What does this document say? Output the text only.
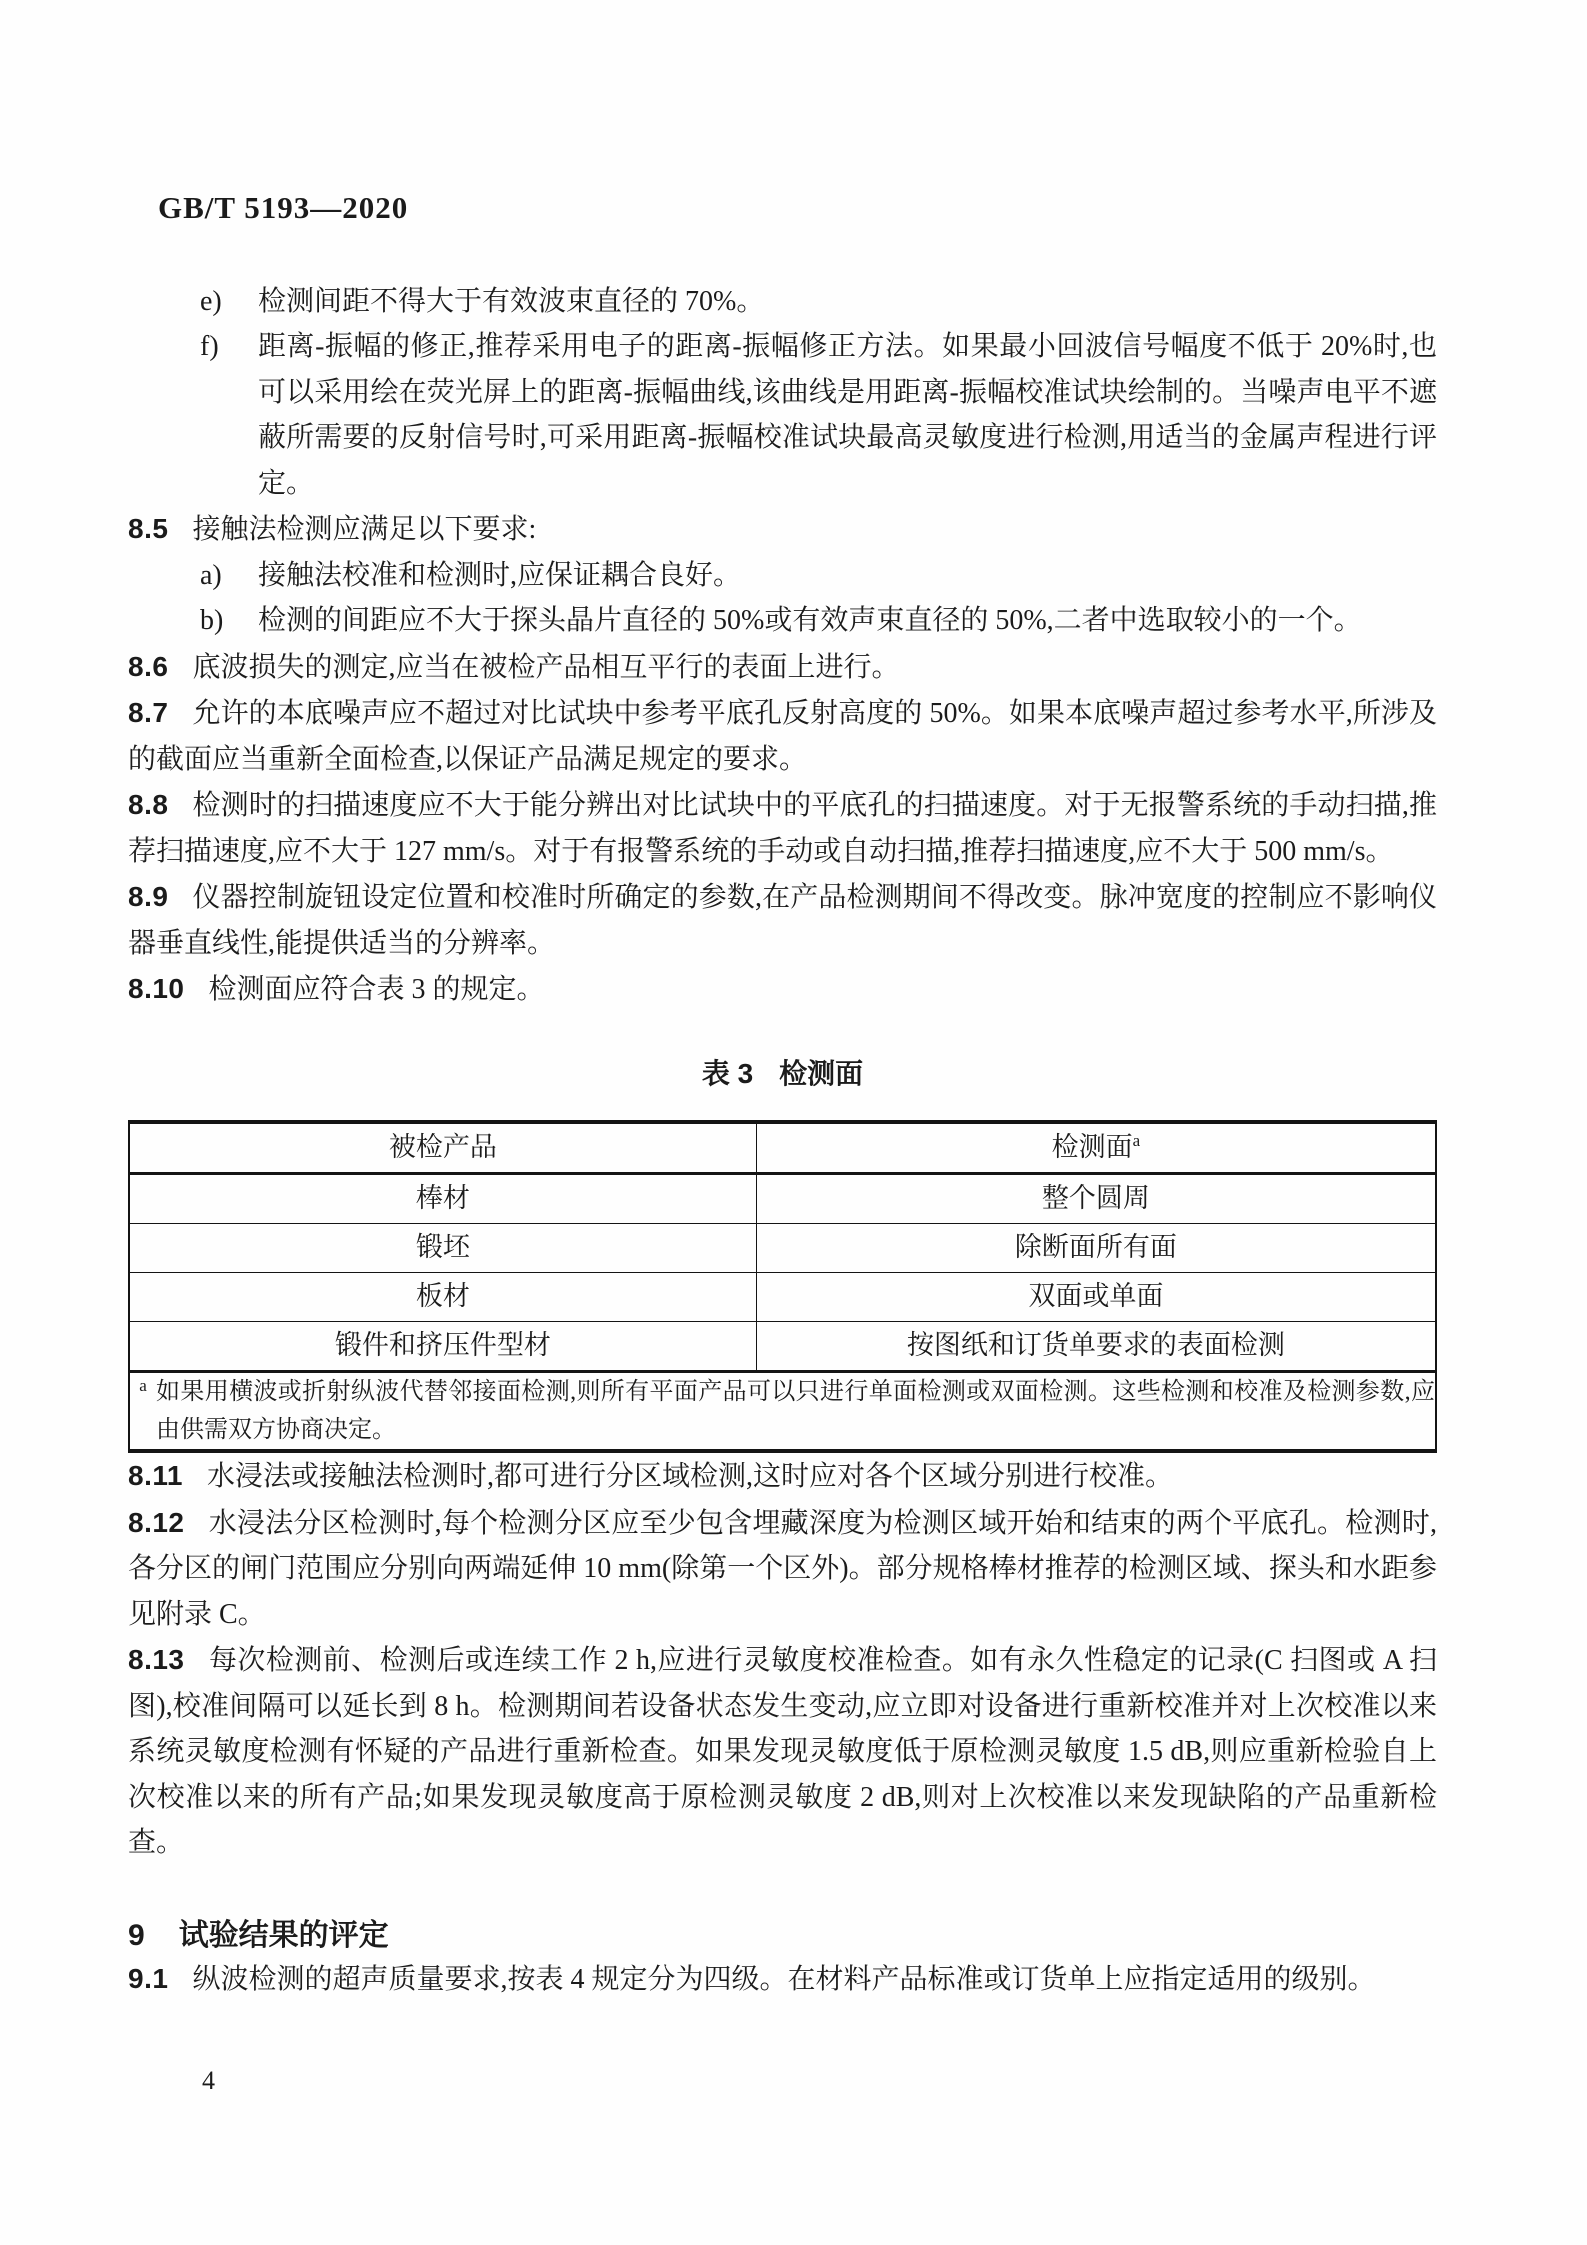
GB/T 5193—2020
e)	检测间距不得大于有效波束直径的 70%。
f)	距离-振幅的修正,推荐采用电子的距离-振幅修正方法。如果最小回波信号幅度不低于 20%时,也可以采用绘在荧光屏上的距离-振幅曲线,该曲线是用距离-振幅校准试块绘制的。当噪声电平不遮蔽所需要的反射信号时,可采用距离-振幅校准试块最高灵敏度进行检测,用适当的金属声程进行评定。

8.5 接触法检测应满足以下要求:

a)	接触法校准和检测时,应保证耦合良好。
b)	检测的间距应不大于探头晶片直径的 50%或有效声束直径的 50%,二者中选取较小的一个。

8.6 底波损失的测定,应当在被检产品相互平行的表面上进行。

8.7 允许的本底噪声应不超过对比试块中参考平底孔反射高度的 50%。如果本底噪声超过参考水平,所涉及的截面应当重新全面检查,以保证产品满足规定的要求。

8.8 检测时的扫描速度应不大于能分辨出对比试块中的平底孔的扫描速度。对于无报警系统的手动扫描,推荐扫描速度,应不大于 127 mm/s。对于有报警系统的手动或自动扫描,推荐扫描速度,应不大于 500 mm/s。

8.9 仪器控制旋钮设定位置和校准时所确定的参数,在产品检测期间不得改变。脉冲宽度的控制应不影响仪器垂直线性,能提供适当的分辨率。

8.10 检测面应符合表 3 的规定。

表 3 检测面
被检产品	检测面$^a$
棒材	整个圆周
锻坯	除断面所有面
板材	双面或单面
锻件和挤压件型材	按图纸和订货单要求的表面检测

a 如果用横波或折射纵波代替邻接面检测,则所有平面产品可以只进行单面检测或双面检测。这些检测和校准及检测参数,应由供需双方协商决定。	

8.11 水浸法或接触法检测时,都可进行分区域检测,这时应对各个区域分别进行校准。

8.12 水浸法分区检测时,每个检测分区应至少包含埋藏深度为检测区域开始和结束的两个平底孔。检测时,各分区的闸门范围应分别向两端延伸 10 mm(除第一个区外)。部分规格棒材推荐的检测区域、探头和水距参见附录 C。

8.13 每次检测前、检测后或连续工作 2 h,应进行灵敏度校准检查。如有永久性稳定的记录(C 扫图或 A 扫图),校准间隔可以延长到 8 h。检测期间若设备状态发生变动,应立即对设备进行重新校准并对上次校准以来系统灵敏度检测有怀疑的产品进行重新检查。如果发现灵敏度低于原检测灵敏度 1.5 dB,则应重新检验自上次校准以来的所有产品;如果发现灵敏度高于原检测灵敏度 2 dB,则对上次校准以来发现缺陷的产品重新检查。

9 试验结果的评定

9.1 纵波检测的超声质量要求,按表 4 规定分为四级。在材料产品标准或订货单上应指定适用的级别。

4
